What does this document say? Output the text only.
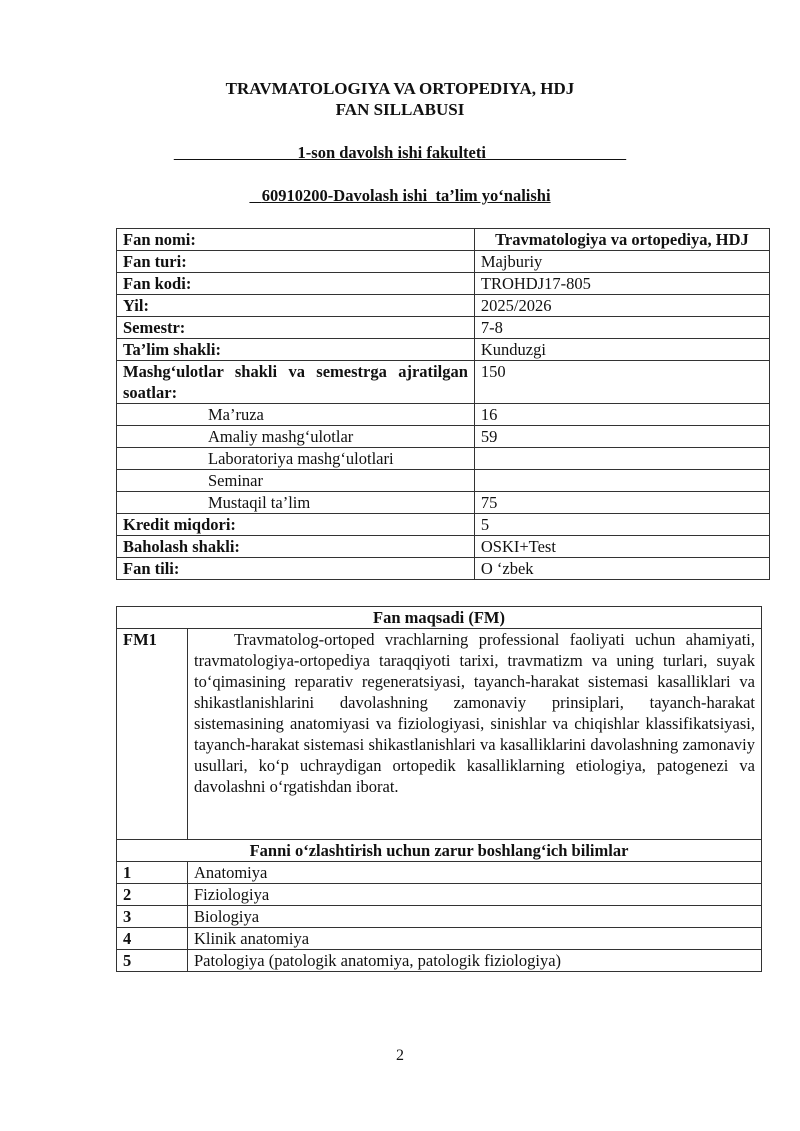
TRAVMATOLOGIYA VA ORTOPEDIYA, HDJ
FAN SILLABUSI
1-son davolsh ishi fakulteti
60910200-Davolash ishi  ta’lim yo‘nalishi
Fan nomi:	Travmatologiya va ortopediya, HDJ
Fan turi:	Majburiy
Fan kodi:	TROHDJ17-805
Yil:	2025/2026
Semestr:	7-8
Ta’lim shakli:	Kunduzgi
Mashg‘ulotlar shakli va semestrga ajratilgan soatlar:	150
Ma’ruza	16
Amaliy mashg‘ulotlar	59
Laboratoriya mashg‘ulotlari	
Seminar	
Mustaqil ta’lim	75
Kredit miqdori:	5
Baholash shakli:	OSKI+Test
Fan tili:	O ‘zbek
Fan maqsadi (FM)	
FM1	Travmatolog-ortoped vrachlarning professional faoliyati uchun ahamiyati, travmatologiya-ortopediya taraqqiyoti tarixi, travmatizm va uning turlari, suyak to‘qimasining reparativ regeneratsiyasi, tayanch-harakat sistemasi kasalliklari va shikastlanishlarini davolashning zamonaviy prinsiplari, tayanch-harakat sistemasining anatomiyasi va fiziologiyasi, sinishlar va chiqishlar klassifikatsiyasi, tayanch-harakat sistemasi shikastlanishlari va kasalliklarini davolashning zamonaviy usullari, ko‘p uchraydigan ortopedik kasalliklarning etiologiya, patogenezi va davolashni o‘rgatishdan iborat.
Fanni o‘zlashtirish uchun zarur boshlang‘ich bilimlar	
1	Anatomiya
2	Fiziologiya
3	Biologiya
4	Klinik anatomiya
5	Patologiya (patologik anatomiya, patologik fiziologiya)
2
